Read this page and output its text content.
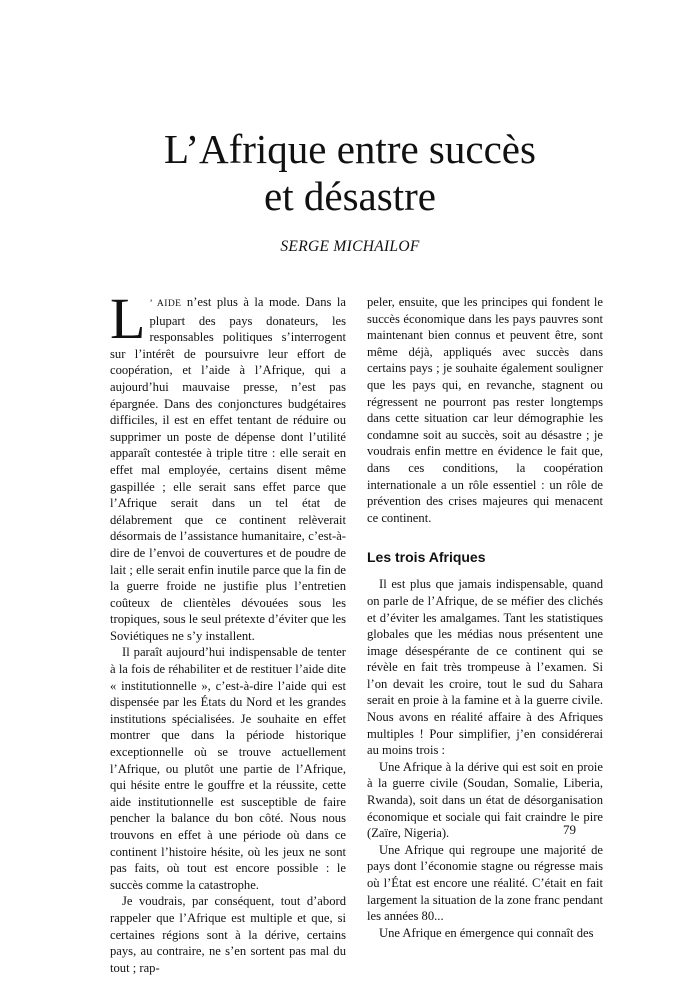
L’Afrique entre succès
et désastre
SERGE MICHAILOF

L ’ AIDE n’est plus à la mode. Dans la plupart des pays donateurs, les responsables politiques s’interrogent sur l’intérêt de poursuivre leur effort de coopération, et l’aide à l’Afrique, qui a aujourd’hui mauvaise presse, n’est pas épargnée. Dans des conjonctures budgétaires difficiles, il est en effet tentant de réduire ou supprimer un poste de dépense dont l’utilité apparaît contestée à triple titre : elle serait en effet mal employée, certains disent même gaspillée ; elle serait sans effet parce que l’Afrique serait dans un tel état de délabrement que ce continent relèverait désormais de l’assistance humanitaire, c’est-à-dire de l’envoi de couvertures et de poudre de lait ; elle serait enfin inutile parce que la fin de la guerre froide ne justifie plus l’entretien coûteux de clientèles dévouées sous les tropiques, sous le seul prétexte d’éviter que les Soviétiques ne s’y installent.

Il paraît aujourd’hui indispensable de tenter à la fois de réhabiliter et de restituer l’aide dite « institutionnelle », c’est-à-dire l’aide qui est dispensée par les États du Nord et les grandes institutions spécialisées. Je souhaite en effet montrer que dans la période historique exceptionnelle où se trouve actuellement l’Afrique, ou plutôt une partie de l’Afrique, qui hésite entre le gouffre et la réussite, cette aide institutionnelle est susceptible de faire pencher la balance du bon côté. Nous nous trouvons en effet à une période où dans ce continent l’histoire hésite, où les jeux ne sont pas faits, où tout est encore possible : le succès comme la catastrophe.

Je voudrais, par conséquent, tout d’abord rappeler que l’Afrique est multiple et que, si certaines régions sont à la dérive, certains pays, au contraire, ne s’en sortent pas mal du tout ; rap-

peler, ensuite, que les principes qui fondent le succès économique dans les pays pauvres sont maintenant bien connus et peuvent être, sont même déjà, appliqués avec succès dans certains pays ; je souhaite également souligner que les pays qui, en revanche, stagnent ou régressent ne pourront pas rester longtemps dans cette situation car leur démographie les condamne soit au succès, soit au désastre ; je voudrais enfin mettre en évidence le fait que, dans ces conditions, la coopération internationale a un rôle essentiel : un rôle de prévention des crises majeures qui menacent ce continent.

Les trois Afriques

Il est plus que jamais indispensable, quand on parle de l’Afrique, de se méfier des clichés et d’éviter les amalgames. Tant les statistiques globales que les médias nous présentent une image désespérante de ce continent qui se révèle en fait très trompeuse à l’examen. Si l’on devait les croire, tout le sud du Sahara serait en proie à la famine et à la guerre civile. Nous avons en réalité affaire à des Afriques multiples ! Pour simplifier, j’en considérerai au moins trois :

Une Afrique à la dérive qui est soit en proie à la guerre civile (Soudan, Somalie, Liberia, Rwanda), soit dans un état de désorganisation économique et sociale qui fait craindre le pire (Zaïre, Nigeria).

Une Afrique qui regroupe une majorité de pays dont l’économie stagne ou régresse mais où l’État est encore une réalité. C’était en fait largement la situation de la zone franc pendant les années 80...

Une Afrique en émergence qui connaît des

79
